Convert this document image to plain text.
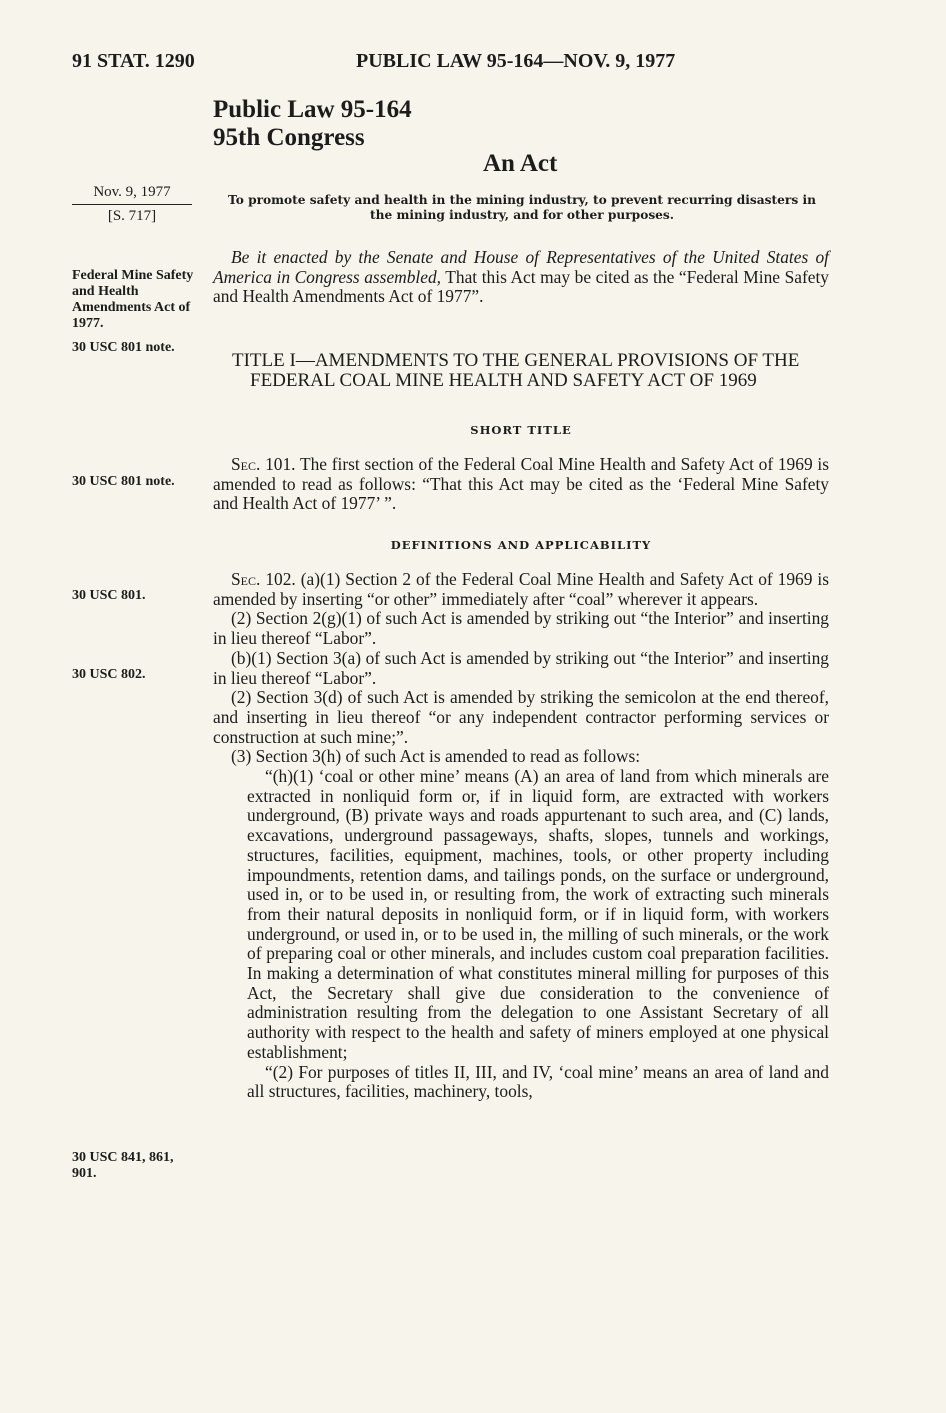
91 STAT. 1290	PUBLIC LAW 95-164—NOV. 9, 1977
Public Law 95-164
95th Congress
An Act
Nov. 9, 1977
[S. 717]
To promote safety and health in the mining industry, to prevent recurring disasters in the mining industry, and for other purposes.

Be it enacted by the Senate and House of Representatives of the United States of America in Congress assembled, That this Act may be cited as the “Federal Mine Safety and Health Amendments Act of 1977”.

Federal Mine Safety and Health Amendments Act of 1977.
30 USC 801 note.
30 USC 801 note.
30 USC 801.
30 USC 802.
30 USC 841, 861, 901.
TITLE I—AMENDMENTS TO THE GENERAL PROVISIONS OF THE FEDERAL COAL MINE HEALTH AND SAFETY ACT OF 1969
SHORT TITLE

Sec. 101. The first section of the Federal Coal Mine Health and Safety Act of 1969 is amended to read as follows: “That this Act may be cited as the ‘Federal Mine Safety and Health Act of 1977’ ”.

DEFINITIONS AND APPLICABILITY

Sec. 102. (a)(1) Section 2 of the Federal Coal Mine Health and Safety Act of 1969 is amended by inserting “or other” immediately after “coal” wherever it appears.

(2) Section 2(g)(1) of such Act is amended by striking out “the Interior” and inserting in lieu thereof “Labor”.

(b)(1) Section 3(a) of such Act is amended by striking out “the Interior” and inserting in lieu thereof “Labor”.

(2) Section 3(d) of such Act is amended by striking the semicolon at the end thereof, and inserting in lieu thereof “or any independent contractor performing services or construction at such mine;”.

(3) Section 3(h) of such Act is amended to read as follows:

“(h)(1) ‘coal or other mine’ means (A) an area of land from which minerals are extracted in nonliquid form or, if in liquid form, are extracted with workers underground, (B) private ways and roads appurtenant to such area, and (C) lands, excavations, underground passageways, shafts, slopes, tunnels and workings, structures, facilities, equipment, machines, tools, or other property including impoundments, retention dams, and tailings ponds, on the surface or underground, used in, or to be used in, or resulting from, the work of extracting such minerals from their natural deposits in nonliquid form, or if in liquid form, with workers underground, or used in, or to be used in, the milling of such minerals, or the work of preparing coal or other minerals, and includes custom coal preparation facilities. In making a determination of what constitutes mineral milling for purposes of this Act, the Secretary shall give due consideration to the convenience of administration resulting from the delegation to one Assistant Secretary of all authority with respect to the health and safety of miners employed at one physical establishment;

“(2) For purposes of titles II, III, and IV, ‘coal mine’ means an area of land and all structures, facilities, machinery, tools,
